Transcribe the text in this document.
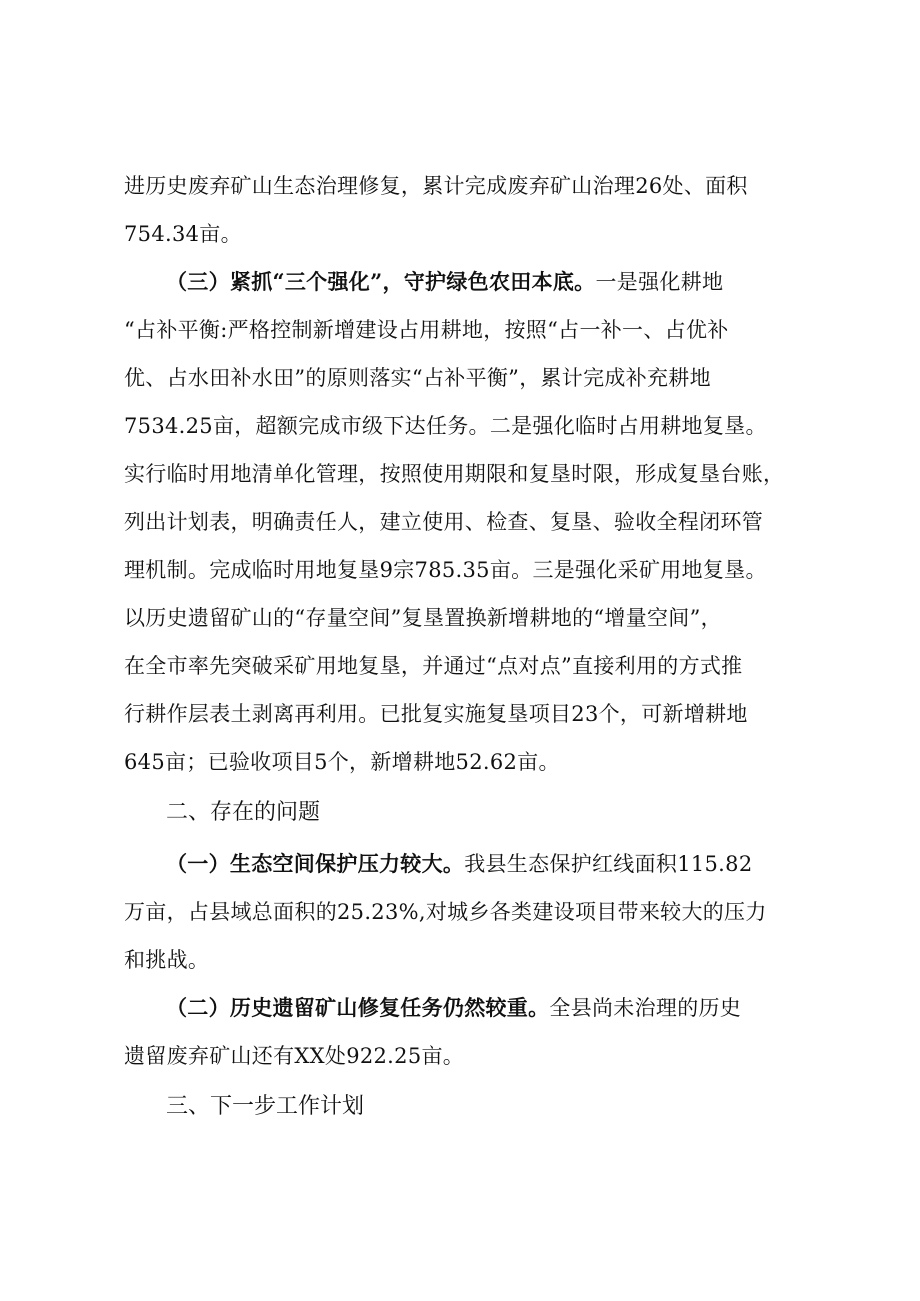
进历史废弃矿山生态治理修复，累计完成废弃矿山治理26处、面积
754.34亩。
（三）紧抓“三个强化”，守护绿色农田本底。一是强化耕地
“占补平衡:严格控制新增建设占用耕地，按照“占一补一、占优补
优、占水田补水田”的原则落实“占补平衡”，累计完成补充耕地
7534.25亩，超额完成市级下达任务。二是强化临时占用耕地复垦。
实行临时用地清单化管理，按照使用期限和复垦时限，形成复垦台账，
列出计划表，明确责任人，建立使用、检查、复垦、验收全程闭环管
理机制。完成临时用地复垦9宗785.35亩。三是强化采矿用地复垦。
以历史遗留矿山的“存量空间”复垦置换新增耕地的“增量空间”，
在全市率先突破采矿用地复垦，并通过“点对点”直接利用的方式推
行耕作层表土剥离再利用。已批复实施复垦项目23个，可新增耕地
645亩；已验收项目5个，新增耕地52.62亩。
二、存在的问题
（一）生态空间保护压力较大。我县生态保护红线面积115.82
万亩，占县域总面积的25.23%,对城乡各类建设项目带来较大的压力
和挑战。
（二）历史遗留矿山修复任务仍然较重。全县尚未治理的历史
遗留废弃矿山还有XX处922.25亩。
三、下一步工作计划
